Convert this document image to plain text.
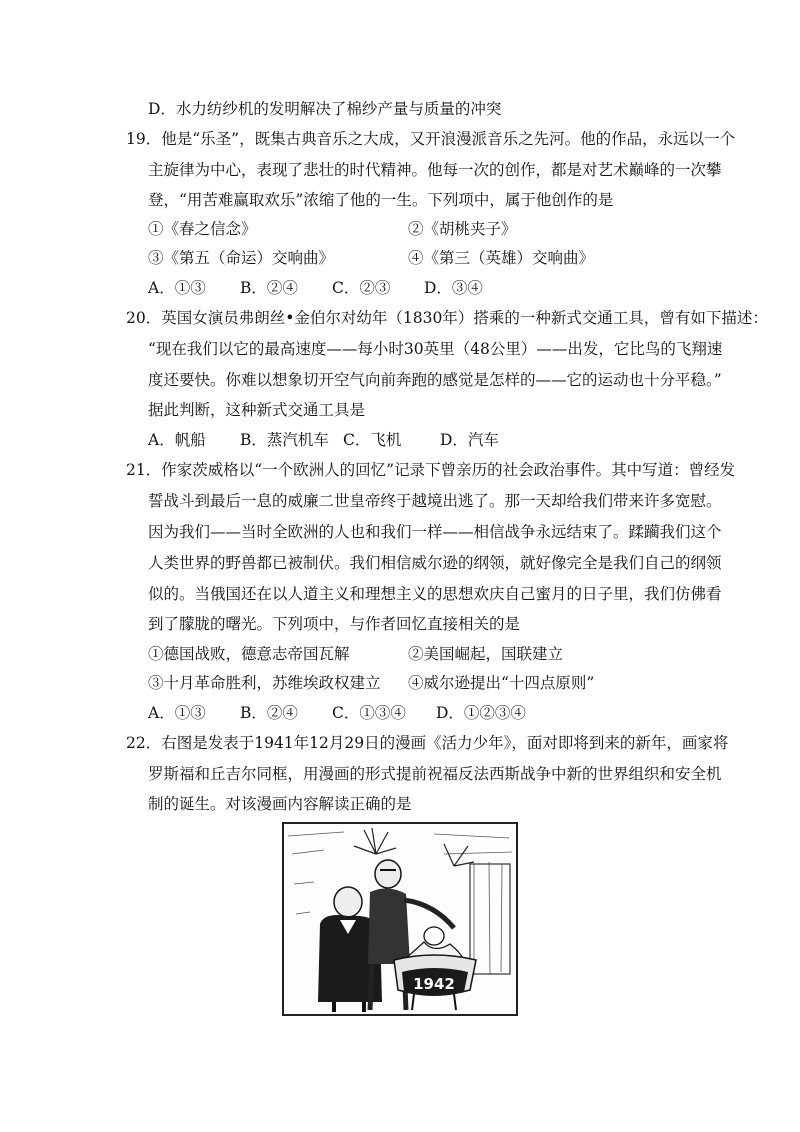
D．水力纺纱机的发明解决了棉纱产量与质量的冲突
19．他是“乐圣”，既集古典音乐之大成，又开浪漫派音乐之先河。他的作品，永远以一个
主旋律为中心，表现了悲壮的时代精神。他每一次的创作，都是对艺术巅峰的一次攀
登，“用苦难赢取欢乐”浓缩了他的一生。下列项中，属于他创作的是
①《春之信念》	②《胡桃夹子》
③《第五（命运）交响曲》	④《第三（英雄）交响曲》
A．①③ B．②④ C．②③ D．③④
20．英国女演员弗朗丝•金伯尔对幼年（1830年）搭乘的一种新式交通工具，曾有如下描述：
“现在我们以它的最高速度——每小时30英里（48公里）——出发，它比鸟的飞翔速
度还要快。你难以想象切开空气向前奔跑的感觉是怎样的——它的运动也十分平稳。”
据此判断，这种新式交通工具是
A．帆船 B．蒸汽机车 C．飞机 D．汽车
21．作家茨威格以“一个欧洲人的回忆”记录下曾亲历的社会政治事件。其中写道：曾经发
誓战斗到最后一息的威廉二世皇帝终于越境出逃了。那一天却给我们带来许多宽慰。
因为我们——当时全欧洲的人也和我们一样——相信战争永远结束了。蹂躏我们这个
人类世界的野兽都已被制伏。我们相信威尔逊的纲领，就好像完全是我们自己的纲领
似的。当俄国还在以人道主义和理想主义的思想欢庆自己蜜月的日子里，我们仿佛看
到了朦胧的曙光。下列项中，与作者回忆直接相关的是
①德国战败，德意志帝国瓦解	②美国崛起，国联建立
③十月革命胜利，苏维埃政权建立 ④威尔逊提出“十四点原则”
A．①③ B．②④ C．①③④ D．①②③④
22．右图是发表于1941年12月29日的漫画《活力少年》，面对即将到来的新年，画家将
罗斯福和丘吉尔同框，用漫画的形式提前祝福反法西斯战争中新的世界组织和安全机
制的诞生。对该漫画内容解读正确的是
1942
